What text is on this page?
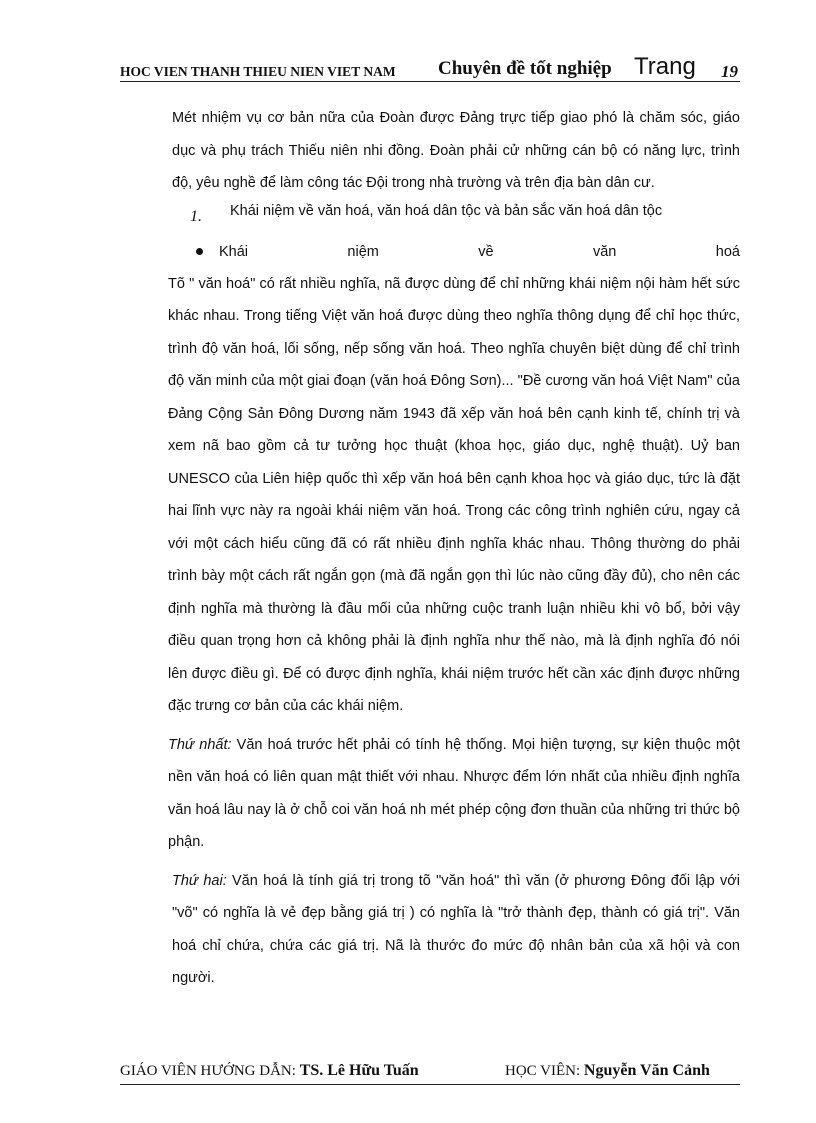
HOC VIEN THANH THIEU NIEN VIET NAM Chuyên đề tốt nghiệp Trang 19

Mét nhiệm vụ cơ bản nữa của Đoàn được Đảng trực tiếp giao phó là chăm sóc, giáo dục và phụ trách Thiếu niên nhi đồng. Đoàn phải cử những cán bộ có năng lực, trình độ, yêu nghề để làm công tác Đội trong nhà trường và trên địa bàn dân cư.

1.	Khái niệm về văn hoá, văn hoá dân tộc và bản sắc văn hoá dân tộc
Khái	niệm	về	văn	hoá

Tõ " văn hoá" có rất nhiều nghĩa, nã được dùng để chỉ những khái niệm nội hàm hết sức khác nhau. Trong tiếng Việt văn hoá được dùng theo nghĩa thông dụng để chỉ học thức, trình độ văn hoá, lối sống, nếp sống văn hoá. Theo nghĩa chuyên biệt dùng để chỉ trình độ văn minh của một giai đoạn (văn hoá Đông Sơn)... "Đề cương văn hoá Việt Nam" của Đảng Cộng Sản Đông Dương năm 1943 đã xếp văn hoá bên cạnh kinh tế, chính trị và xem nã bao gồm cả tư tưởng học thuật (khoa học, giáo dục, nghệ thuật). Uỷ ban UNESCO của Liên hiệp quốc thì xếp văn hoá bên cạnh khoa học và giáo dục, tức là đặt hai lĩnh vực này ra ngoài khái niệm văn hoá. Trong các công trình nghiên cứu, ngay cả với một cách hiểu cũng đã có rất nhiều định nghĩa khác nhau. Thông thường do phải trình bày một cách rất ngắn gọn (mà đã ngắn gọn thì lúc nào cũng đầy đủ), cho nên các định nghĩa mà thường là đầu mối của những cuộc tranh luận nhiều khi vô bổ, bởi vậy điều quan trọng hơn cả không phải là định nghĩa như thế nào, mà là định nghĩa đó nói lên được điều gì. Để có được định nghĩa, khái niệm trước hết cần xác định được những đặc trưng cơ bản của các khái niệm.

Thứ nhất: Văn hoá trước hết phải có tính hệ thống. Mọi hiện tượng, sự kiện thuộc một nền văn hoá có liên quan mật thiết với nhau. Nhược đểm lớn nhất của nhiều định nghĩa văn hoá lâu nay là ở chỗ coi văn hoá nh mét phép cộng đơn thuần của những tri thức bộ phận.

Thứ hai: Văn hoá là tính giá trị trong tõ "văn hoá" thì văn (ở phương Đông đối lập với "võ" có nghĩa là vẻ đẹp bằng giá trị ) có nghĩa là "trở thành đẹp, thành có giá trị". Văn hoá chỉ chứa, chứa các giá trị. Nã là thước đo mức độ nhân bản của xã hội và con người.

GIÁO VIÊN HƯỚNG DẪN: TS. Lê Hữu Tuấn	HỌC VIÊN: Nguyễn Văn Cảnh
